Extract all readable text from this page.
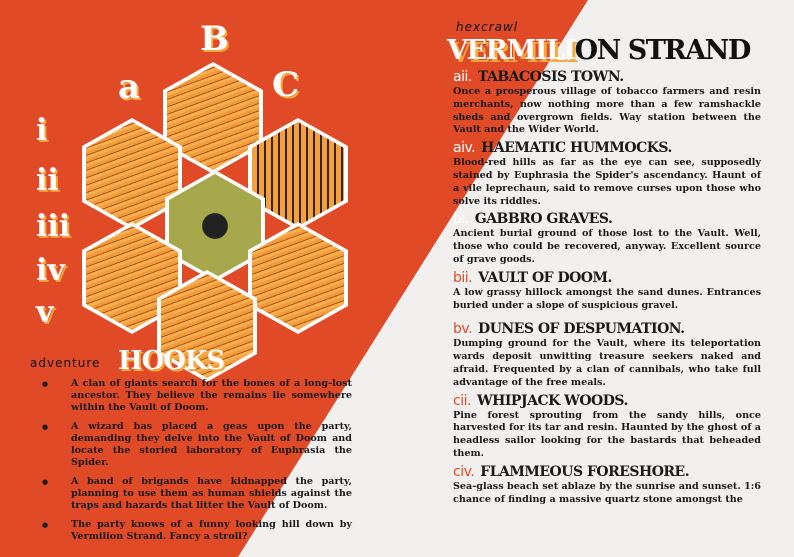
a
B
C
i
ii
iii
iv
v
hexcrawl
VERMILION STRAND
aii. TABACOSIS TOWN.

Once a prosperous village of tobacco farmers and resin merchants, now nothing more than a few ramshackle sheds and overgrown fields. Way station between the Vault and the Wider World.

aiv. HAEMATIC HUMMOCKS.

Blood-red hills as far as the eye can see, supposedly stained by Euphrasia the Spider's ascendancy. Haunt of a vile leprechaun, said to remove curses upon those who solve its riddles.

bi. GABBRO GRAVES.

Ancient burial ground of those lost to the Vault. Well, those who could be recovered, anyway. Excellent source of grave goods.

bii. VAULT OF DOOM.

A low grassy hillock amongst the sand dunes. Entrances buried under a slope of suspicious gravel.

bv. DUNES OF DESPUMATION.

Dumping ground for the Vault, where its teleportation wards deposit unwitting treasure seekers naked and afraid. Frequented by a clan of cannibals, who take full advantage of the free meals.

cii. WHIPJACK WOODS.

Pine forest sprouting from the sandy hills, once harvested for its tar and resin. Haunted by the ghost of a headless sailor looking for the bastards that beheaded them.

civ. FLAMMEOUS FORESHORE.

Sea-glass beach set ablaze by the sunrise and sunset. 1:6 chance of finding a massive quartz stone amongst the

adventure HOOKS
● A clan of giants search for the bones of a long-lost ancestor. They believe the remains lie somewhere within the Vault of Doom.
● A wizard has placed a geas upon the party, demanding they delve into the Vault of Doom and locate the storied laboratory of Euphrasia the Spider.
● A band of brigands have kidnapped the party, planning to use them as human shields against the traps and hazards that litter the Vault of Doom.
● The party knows of a funny looking hill down by Vermilion Strand. Fancy a stroll?
